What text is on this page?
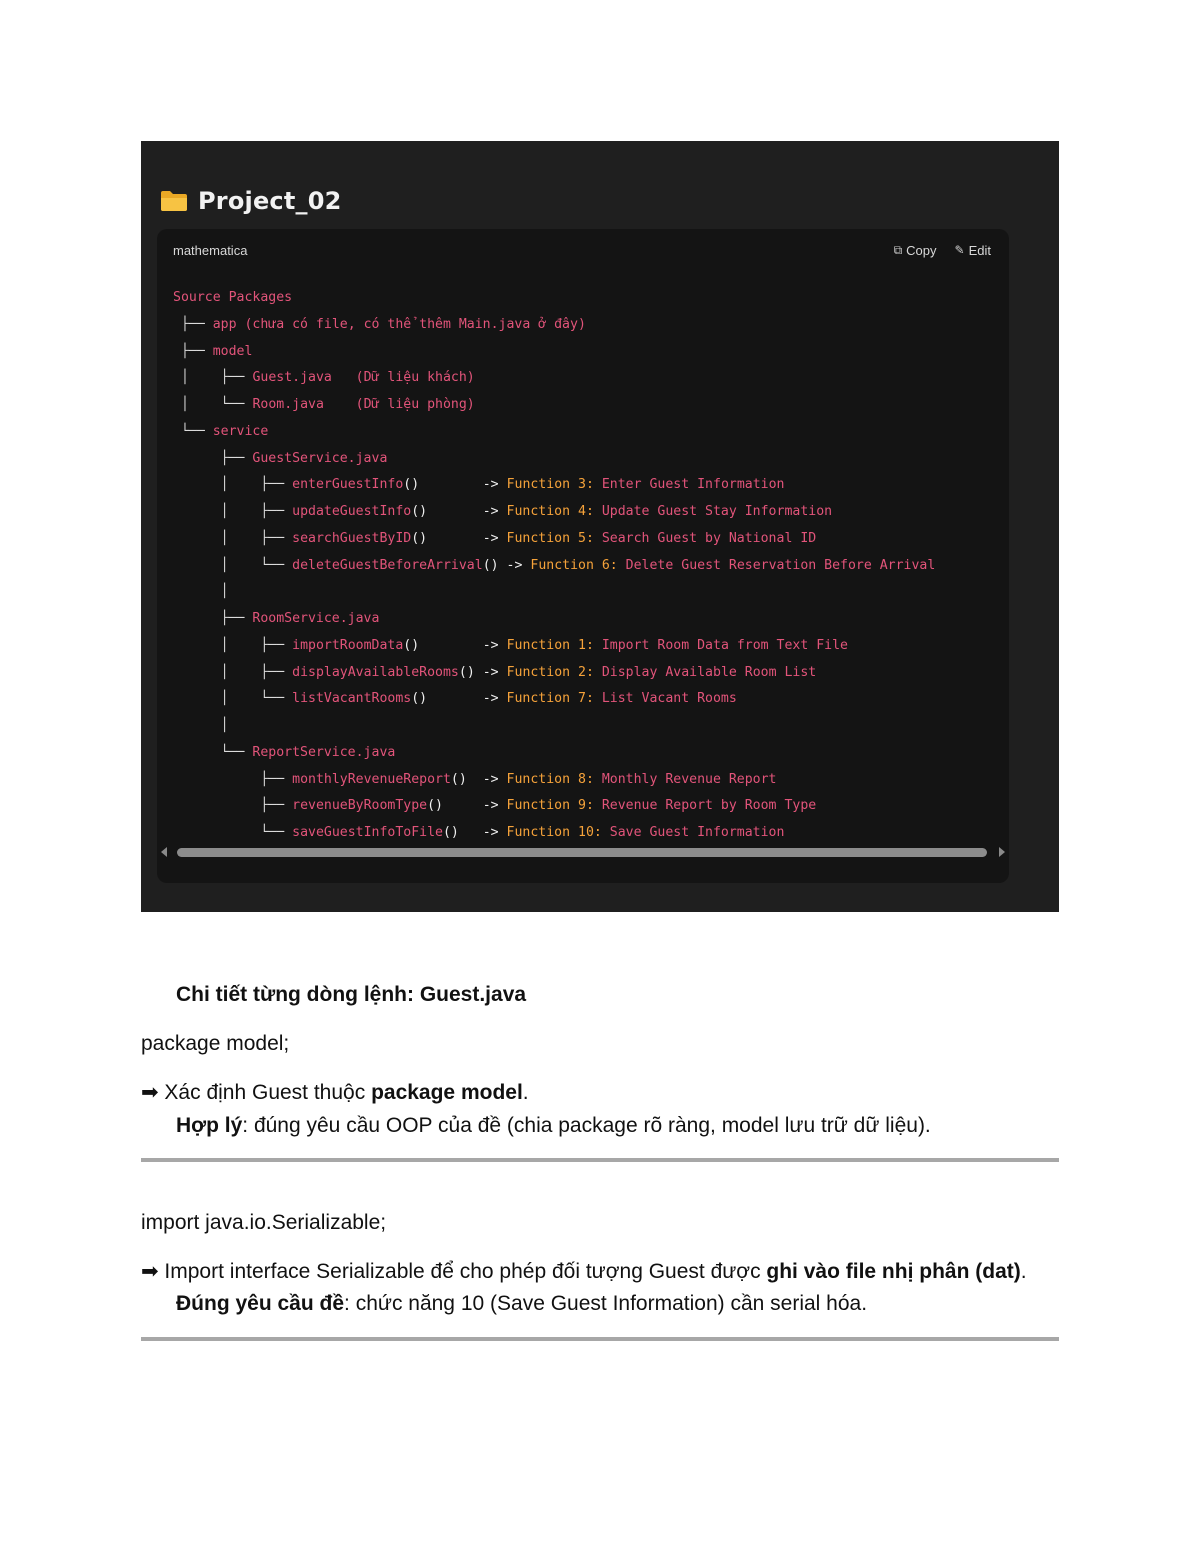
Project_02
mathematica	⧉ Copy ✎ Edit
Source Packages
├── app (chưa có file, có thể thêm Main.java ở đây)
├── model
│ ├── Guest.java   (Dữ liệu khách)
│ └── Room.java    (Dữ liệu phòng)
└── service
├── GuestService.java
│ ├── enterGuestInfo()	-> Function 3: Enter Guest Information
│ ├── updateGuestInfo()	-> Function 4: Update Guest Stay Information
│ ├── searchGuestByID()	-> Function 5: Search Guest by National ID
│ └── deleteGuestBeforeArrival() -> Function 6: Delete Guest Reservation Before Arrival
│
├── RoomService.java
│ ├── importRoomData()	-> Function 1: Import Room Data from Text File
│ ├── displayAvailableRooms() -> Function 2: Display Available Room List
│ └── listVacantRooms()	-> Function 7: List Vacant Rooms
│
└── ReportService.java
├── monthlyRevenueReport() -> Function 8: Monthly Revenue Report
├── revenueByRoomType()	-> Function 9: Revenue Report by Room Type
└── saveGuestInfoToFile() -> Function 10: Save Guest Information
Chi tiết từng dòng lệnh: Guest.java
package model;
➡ Xác định Guest thuộc package model.
Hợp lý: đúng yêu cầu OOP của đề (chia package rõ ràng, model lưu trữ dữ liệu).
import java.io.Serializable;
➡ Import interface Serializable để cho phép đối tượng Guest được ghi vào file nhị phân (dat).
Đúng yêu cầu đề: chức năng 10 (Save Guest Information) cần serial hóa.
